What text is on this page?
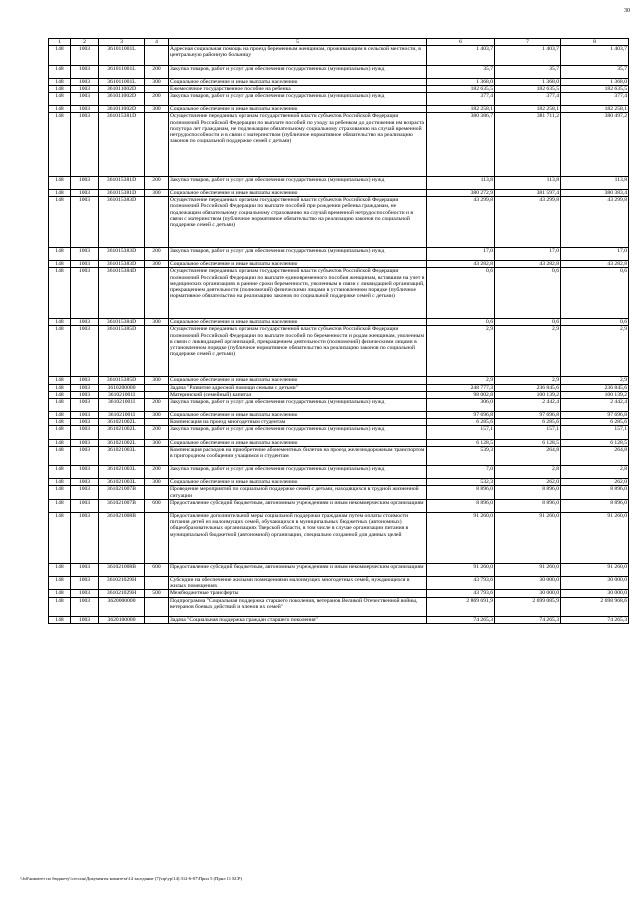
30
1	2	3	4	5	6	7	8
148	1003	361011001L		Адресная социальная помощь на проезд беременным женщинам, проживающим в сельской местности, в центральную районную больницу	1 403,7	1 403,7	1 403,7
148	1003	361011001L	200	Закупка товаров, работ и услуг для обеспечения государственных (муниципальных) нужд	35,7	35,7	35,7
148	1003	361011001L	300	Социальное обеспечение и иные выплаты населению	1 368,0	1 368,0	1 368,0
148	1003	361011002D		Ежемесячное государственное пособие на ребенка	182 635,5	182 635,5	182 635,5
148	1003	361011002D	200	Закупка товаров, работ и услуг для обеспечения государственных (муниципальных) нужд	377,4	377,4	377,4
148	1003	361011002D	300	Социальное обеспечение и иные выплаты населению	182 258,1	182 258,1	182 258,1
148	1003	361015381D		Осуществление переданных органам государственной власти субъектов Российской Федерации полномочий Российской Федерации по выплате пособий по уходу за ребенком до достижения им возраста полутора лет гражданам, не подлежащим обязательному социальному страхованию на случай временной нетрудоспособности и в связи с материнством (публичное нормативное обязательство на реализацию законов по социальной поддержке семей с детьми)	380 386,7	381 711,2	380 497,2
148	1003	361015381D	200	Закупка товаров, работ и услуг для обеспечения государственных (муниципальных) нужд	113,8	113,8	113,8
148	1003	361015381D	300	Социальное обеспечение и иные выплаты населению	380 272,9	381 597,4	380 383,4
148	1003	361015383D		Осуществление переданных органам государственной власти субъектов Российской Федерации полномочий Российской Федерации по выплате пособий при рождении ребенка гражданам, не подлежащим обязательному социальному страхованию на случай временной нетрудоспособности и в связи с материнством (публичное нормативное обязательство на реализацию законов по социальной поддержке семей с детьми)	43 299,8	43 299,8	43 299,8
148	1003	361015383D	200	Закупка товаров, работ и услуг для обеспечения государственных (муниципальных) нужд	17,0	17,0	17,0
148	1003	361015383D	300	Социальное обеспечение и иные выплаты населению	43 282,8	43 282,8	43 282,8
148	1003	361015384D		Осуществление переданных органам государственной власти субъектов Российской Федерации полномочий Российской Федерации по выплате единовременного пособия женщинам, вставшим на учет в медицинских организациях в ранние сроки беременности, уволенным в связи с ликвидацией организаций, прекращением деятельности (полномочий) физическими лицами в установленном порядке (публичное нормативное обязательство на реализацию законов по социальной поддержке семей с детьми)	0,6	0,6	0,6
148	1003	361015384D	300	Социальное обеспечение и иные выплаты населению	0,6	0,6	0,6
148	1003	361015385D		Осуществление переданных органам государственной власти субъектов Российской Федерации полномочий Российской Федерации по выплате пособий по беременности и родам женщинам, уволенным в связи с ликвидацией организаций, прекращением деятельности (полномочий) физическими лицами в установленном порядке (публичное нормативное обязательство на реализацию законов по социальной поддержке семей с детьми)	2,9	2,9	2,9
148	1003	361015385D	300	Социальное обеспечение и иные выплаты населению	2,9	2,9	2,9
148	1003	3610200000		Задача "Развитие адресной помощи семьям с детьми"	248 777,3	236 845,6	236 845,6
148	1003	361021001I		Материнский (семейный) капитал	98 002,8	100 139,2	100 139,2
148	1003	361021001I	200	Закупка товаров, работ и услуг для обеспечения государственных (муниципальных) нужд	306,0	2 442,4	2 442,4
148	1003	361021001I	300	Социальное обеспечение и иные выплаты населению	97 696,8	97 696,8	97 696,8
148	1003	361021002L		Компенсация на проезд многодетным студентам	6 285,6	6 285,6	6 285,6
148	1003	361021002L	200	Закупка товаров, работ и услуг для обеспечения государственных (муниципальных) нужд	157,1	157,1	157,1
148	1003	361021002L	300	Социальное обеспечение и иные выплаты населению	6 128,5	6 128,5	6 128,5
148	1003	361021003L		Компенсация расходов на приобретение абонементных билетов на проезд железнодорожным транспортом в пригородном сообщении учащимся и студентам	539,3	264,8	264,8
148	1003	361021003L	200	Закупка товаров, работ и услуг для обеспечения государственных (муниципальных) нужд	7,0	2,8	2,8
148	1003	361021003L	300	Социальное обеспечение и иные выплаты населению	532,3	262,0	262,0
148	1003	361021007B		Проведение мероприятий по социальной поддержке семей с детьми, находящихся в трудной жизненной ситуации	8 896,0	8 896,0	8 896,0
148	1003	361021007B	600	Предоставление субсидий бюджетным, автономным учреждениям и иным некоммерческим организациям	8 896,0	8 896,0	8 896,0
148	1003	361021008B		Предоставление дополнительной меры социальной поддержки гражданам путем оплаты стоимости питания детей из малоимущих семей, обучающихся в муниципальных бюджетных (автономных) общеобразовательных организациях Тверской области, в том числе в случае организации питания в муниципальной бюджетной (автономной) организации, специально созданной для данных целей	91 260,0	91 260,0	91 260,0
148	1003	361021008B	600	Предоставление субсидий бюджетным, автономным учреждениям и иным некоммерческим организациям	91 260,0	91 260,0	91 260,0
148	1003	361021029H		Субсидии на обеспечение жилыми помещениями малоимущих многодетных семей, нуждающихся в жилых помещениях	43 793,6	30 000,0	30 000,0
148	1003	361021029H	500	Межбюджетные трансферты	43 793,6	30 000,0	30 000,0
148	1003	3620000000		Подпрограмма "Социальная поддержка старшего поколения, ветеранов Великой Отечественной войны, ветеранов боевых действий и членов их семей"	2 869 691,9	2 699 085,9	2 698 968,6
148	1003	3620100000		Задача "Социальная поддержка граждан старшего поколения"	74 265,3	74 265,3	74 265,3
\\fs0\комитет по бюджету\\сессия\Документы комитета\14 заседание (7)\пр\ур\14) 312-6-07\Прил 5 (Прил 11 БСР)
